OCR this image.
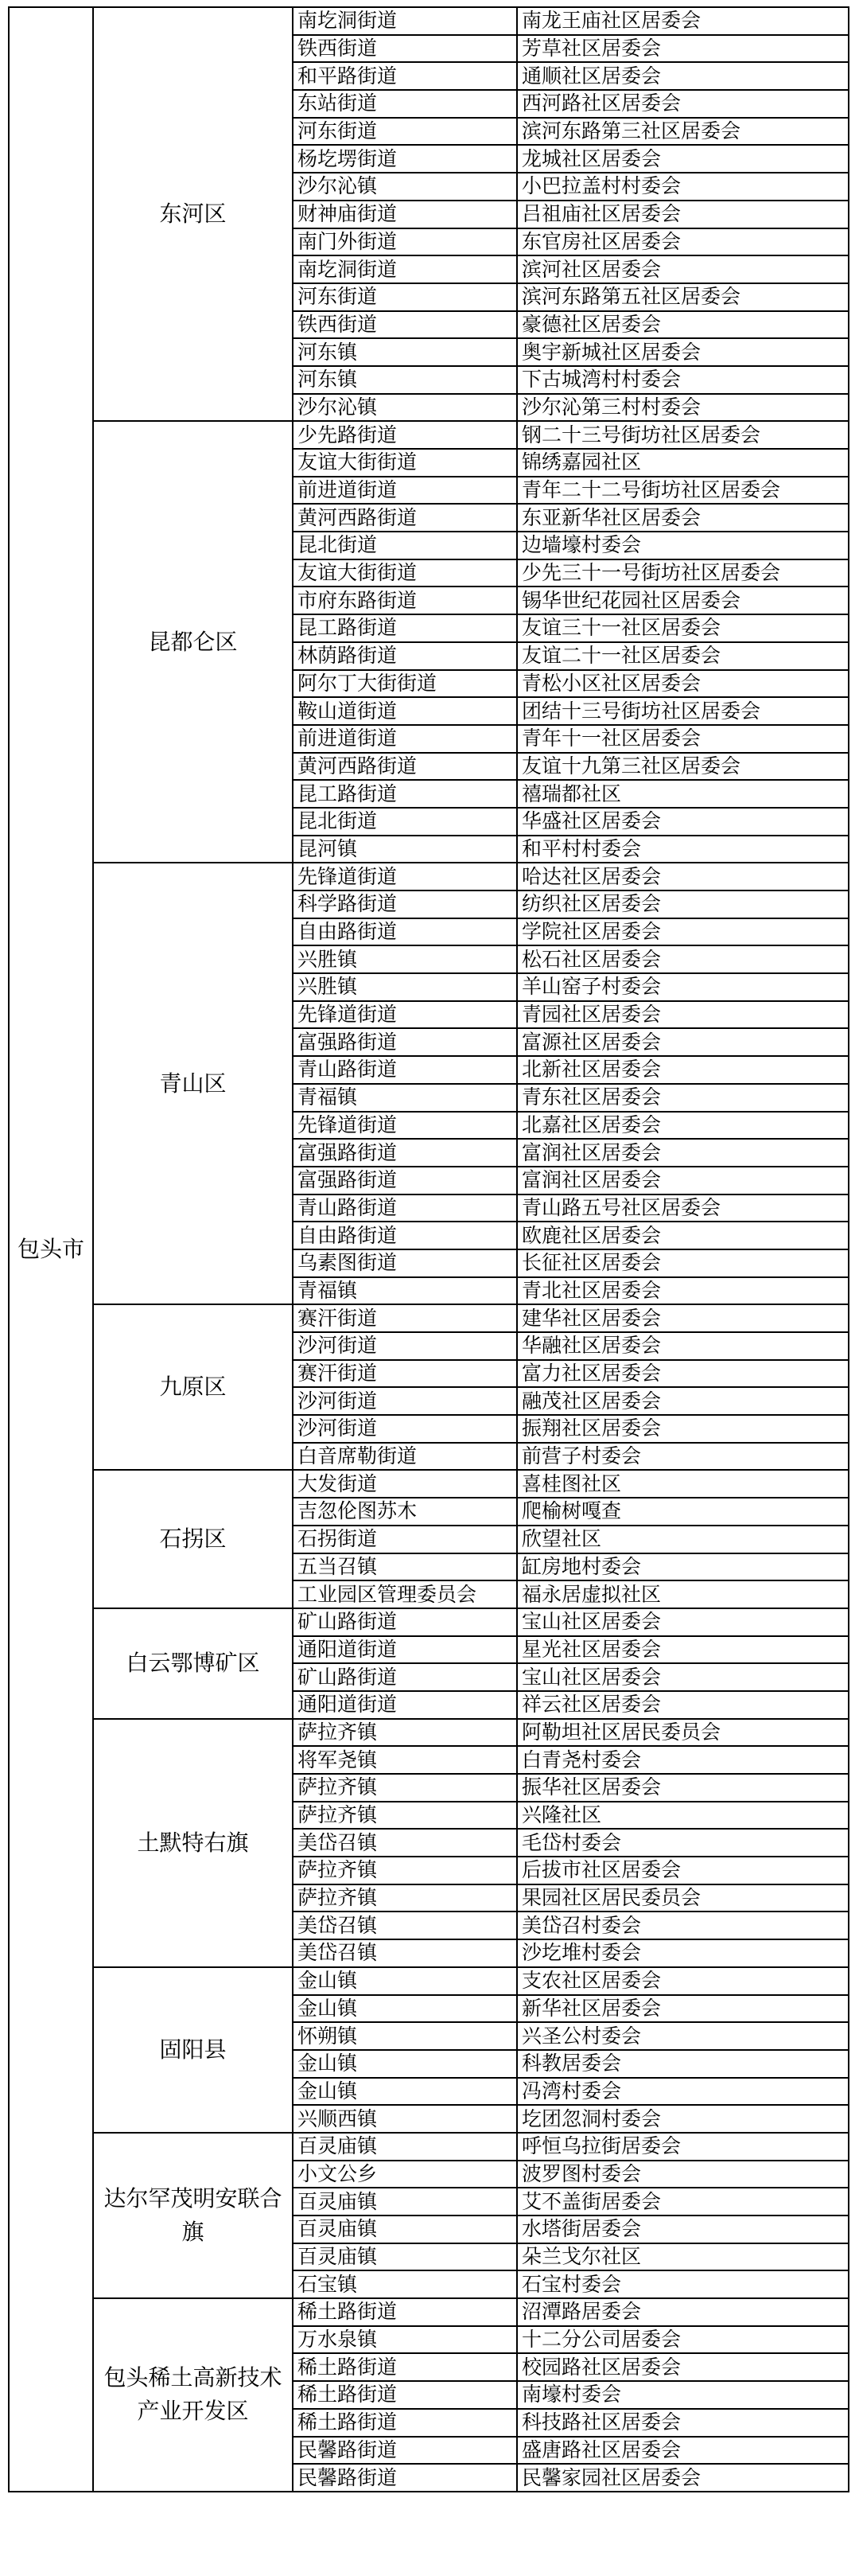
包头市	东河区	南圪洞街道	南龙王庙社区居委会
		铁西街道	芳草社区居委会
		和平路街道	通顺社区居委会
		东站街道	西河路社区居委会
		河东街道	滨河东路第三社区居委会
		杨圪塄街道	龙城社区居委会
		沙尔沁镇	小巴拉盖村村委会
		财神庙街道	吕祖庙社区居委会
		南门外街道	东官房社区居委会
		南圪洞街道	滨河社区居委会
		河东街道	滨河东路第五社区居委会
		铁西街道	豪德社区居委会
		河东镇	奥宇新城社区居委会
		河东镇	下古城湾村村委会
		沙尔沁镇	沙尔沁第三村村委会
	昆都仑区	少先路街道	钢二十三号街坊社区居委会
		友谊大街街道	锦绣嘉园社区
		前进道街道	青年二十二号街坊社区居委会
		黄河西路街道	东亚新华社区居委会
		昆北街道	边墙壕村委会
		友谊大街街道	少先三十一号街坊社区居委会
		市府东路街道	锡华世纪花园社区居委会
		昆工路街道	友谊三十一社区居委会
		林荫路街道	友谊二十一社区居委会
		阿尔丁大街街道	青松小区社区居委会
		鞍山道街道	团结十三号街坊社区居委会
		前进道街道	青年十一社区居委会
		黄河西路街道	友谊十九第三社区居委会
		昆工路街道	禧瑞都社区
		昆北街道	华盛社区居委会
		昆河镇	和平村村委会
	青山区	先锋道街道	哈达社区居委会
		科学路街道	纺织社区居委会
		自由路街道	学院社区居委会
		兴胜镇	松石社区居委会
		兴胜镇	羊山窑子村委会
		先锋道街道	青园社区居委会
		富强路街道	富源社区居委会
		青山路街道	北新社区居委会
		青福镇	青东社区居委会
		先锋道街道	北嘉社区居委会
		富强路街道	富润社区居委会
		富强路街道	富润社区居委会
		青山路街道	青山路五号社区居委会
		自由路街道	欧鹿社区居委会
		乌素图街道	长征社区居委会
		青福镇	青北社区居委会
	九原区	赛汗街道	建华社区居委会
		沙河街道	华融社区居委会
		赛汗街道	富力社区居委会
		沙河街道	融茂社区居委会
		沙河街道	振翔社区居委会
		白音席勒街道	前营子村委会
	石拐区	大发街道	喜桂图社区
		吉忽伦图苏木	爬榆树嘎查
		石拐街道	欣望社区
		五当召镇	缸房地村委会
		工业园区管理委员会	福永居虚拟社区
	白云鄂博矿区	矿山路街道	宝山社区居委会
		通阳道街道	星光社区居委会
		矿山路街道	宝山社区居委会
		通阳道街道	祥云社区居委会
	土默特右旗	萨拉齐镇	阿勒坦社区居民委员会
		将军尧镇	白青尧村委会
		萨拉齐镇	振华社区居委会
		萨拉齐镇	兴隆社区
		美岱召镇	毛岱村委会
		萨拉齐镇	后拔市社区居委会
		萨拉齐镇	果园社区居民委员会
		美岱召镇	美岱召村委会
		美岱召镇	沙圪堆村委会
	固阳县	金山镇	支农社区居委会
		金山镇	新华社区居委会
		怀朔镇	兴圣公村委会
		金山镇	科教居委会
		金山镇	冯湾村委会
		兴顺西镇	圪团忽洞村委会
	达尔罕茂明安联合旗	百灵庙镇	呼恒乌拉街居委会
		小文公乡	波罗图村委会
		百灵庙镇	艾不盖街居委会
		百灵庙镇	水塔街居委会
		百灵庙镇	朵兰戈尔社区
		石宝镇	石宝村委会
	包头稀土高新技术产业开发区	稀土路街道	沼潭路居委会
		万水泉镇	十二分公司居委会
		稀土路街道	校园路社区居委会
		稀土路街道	南壕村委会
		稀土路街道	科技路社区居委会
		民馨路街道	盛唐路社区居委会
		民馨路街道	民馨家园社区居委会
